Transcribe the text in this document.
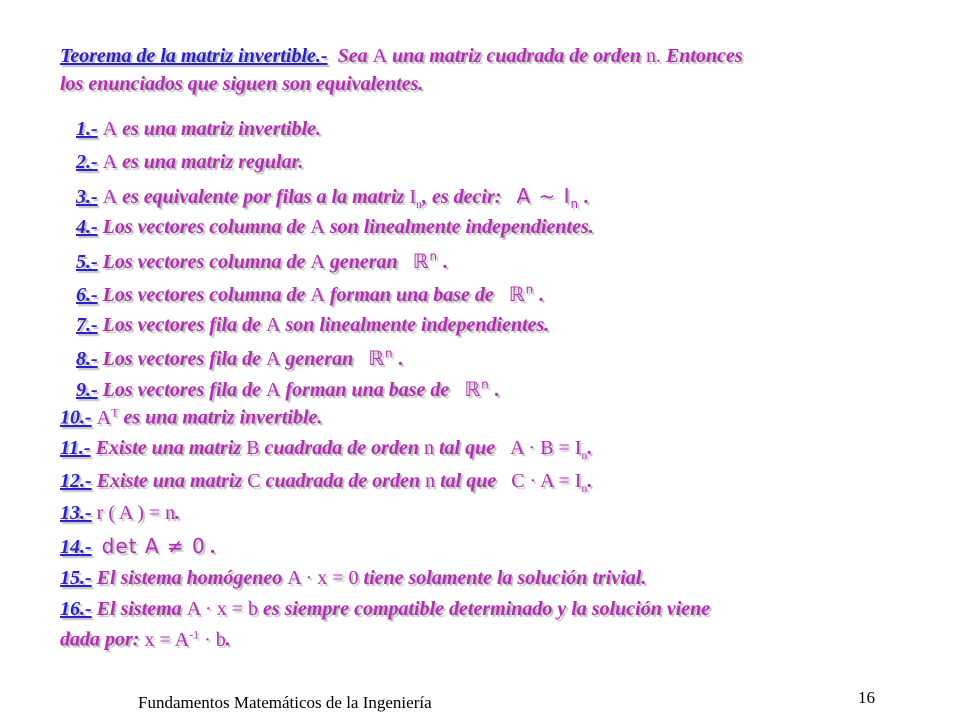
Teorema de la matriz invertible.- Sea A una matriz cuadrada de orden n. Entonces
los enunciados que siguen son equivalentes.
1.- A es una matriz invertible.
2.- A es una matriz regular.
3.- A es equivalente por filas a la matriz $I_n$, es decir: A ∼ $I_n$ .
4.- Los vectores columna de A son linealmente independientes.
5.- Los vectores columna de A generan ℝ$^n$ .
6.- Los vectores columna de A forman una base de ℝ$^n$ .
7.- Los vectores fila de A son linealmente independientes.
8.- Los vectores fila de A generan ℝ$^n$ .
9.- Los vectores fila de A forman una base de ℝ$^n$ .
10.- $A^T$ es una matriz invertible.
11.- Existe una matriz B cuadrada de orden n tal que $A \cdot B = I_n$.
12.- Existe una matriz C cuadrada de orden n tal que $C \cdot A = I_n$.
13.- r ( A ) = n.
14.- det A ≠ 0 .
15.- El sistema homógeneo A · x = 0 tiene solamente la solución trivial.
16.- El sistema A · x = b es siempre compatible determinado y la solución viene
dada por: $x = A^{-1} \cdot b$.
Fundamentos Matemáticos de la Ingeniería	16
